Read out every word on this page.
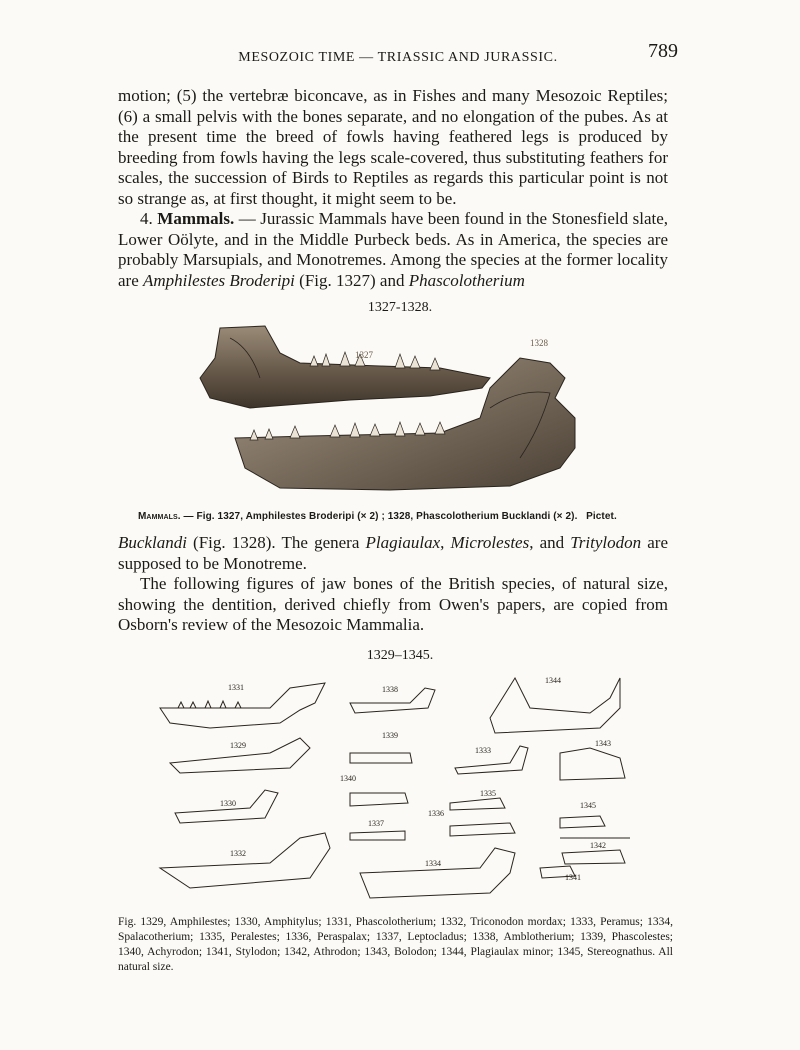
MESOZOIC TIME — TRIASSIC AND JURASSIC.	789

motion; (5) the vertebræ biconcave, as in Fishes and many Mesozoic Reptiles; (6) a small pelvis with the bones separate, and no elongation of the pubes. As at the present time the breed of fowls having feathered legs is produced by breeding from fowls having the legs scale-covered, thus substituting feathers for scales, the succession of Birds to Reptiles as regards this particular point is not so strange as, at first thought, it might seem to be.

4. Mammals. — Jurassic Mammals have been found in the Stonesfield slate, Lower Oölyte, and in the Middle Purbeck beds. As in America, the species are probably Marsupials, and Monotremes. Among the species at the former locality are Amphilestes Broderipi (Fig. 1327) and Phascolotherium

1327-1328.
1327
1328
Mammals. — Fig. 1327, Amphilestes Broderipi (× 2) ; 1328, Phascolotherium Bucklandi (× 2). Pictet.

Bucklandi (Fig. 1328). The genera Plagiaulax, Microlestes, and Tritylodon are supposed to be Monotreme.

The following figures of jaw bones of the British species, of natural size, showing the dentition, derived chiefly from Owen's papers, are copied from Osborn's review of the Mesozoic Mammalia.

1329–1345.
1331	1338
1344
1329
1339
1333
1343
1340
1335
1330
1336
1345
1337
1342
1332
1334
1341
Fig. 1329, Amphilestes; 1330, Amphitylus; 1331, Phascolotherium; 1332, Triconodon mordax; 1333, Peramus; 1334, Spalacotherium; 1335, Peralestes; 1336, Peraspalax; 1337, Leptocladus; 1338, Amblotherium; 1339, Phascolestes; 1340, Achyrodon; 1341, Stylodon; 1342, Athrodon; 1343, Bolodon; 1344, Plagiaulax minor; 1345, Stereognathus. All natural size.
